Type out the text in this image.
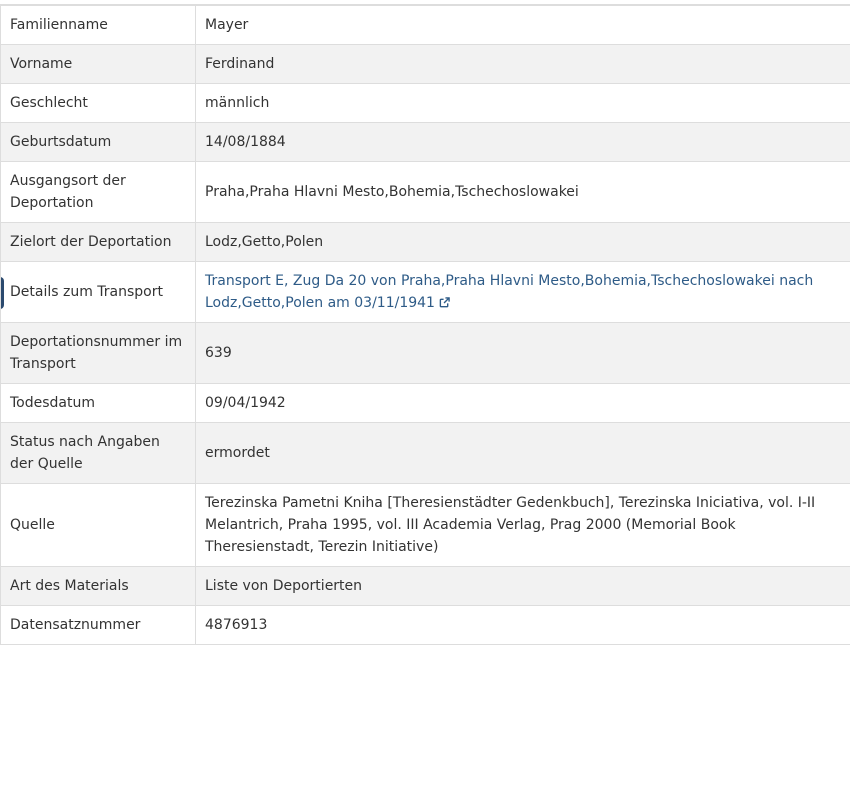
Familienname	Mayer
Vorname	Ferdinand
Geschlecht	männlich
Geburtsdatum	14/08/1884
Ausgangsort der Deportation	Praha,Praha Hlavni Mesto,Bohemia,Tschechoslowakei
Zielort der Deportation	Lodz,Getto,Polen
Details zum Transport	Transport E, Zug Da 20 von Praha,Praha Hlavni Mesto,Bohemia,Tschechoslowakei nach Lodz,Getto,Polen am 03/11/1941
Deportationsnummer im Transport	639
Todesdatum	09/04/1942
Status nach Angaben der Quelle	ermordet
Quelle	Terezinska Pametni Kniha [Theresienstädter Gedenkbuch], Terezinska Iniciativa, vol. I-II Melantrich, Praha 1995, vol. III Academia Verlag, Prag 2000 (Memorial Book Theresienstadt, Terezin Initiative)
Art des Materials	Liste von Deportierten
Datensatznummer	4876913
